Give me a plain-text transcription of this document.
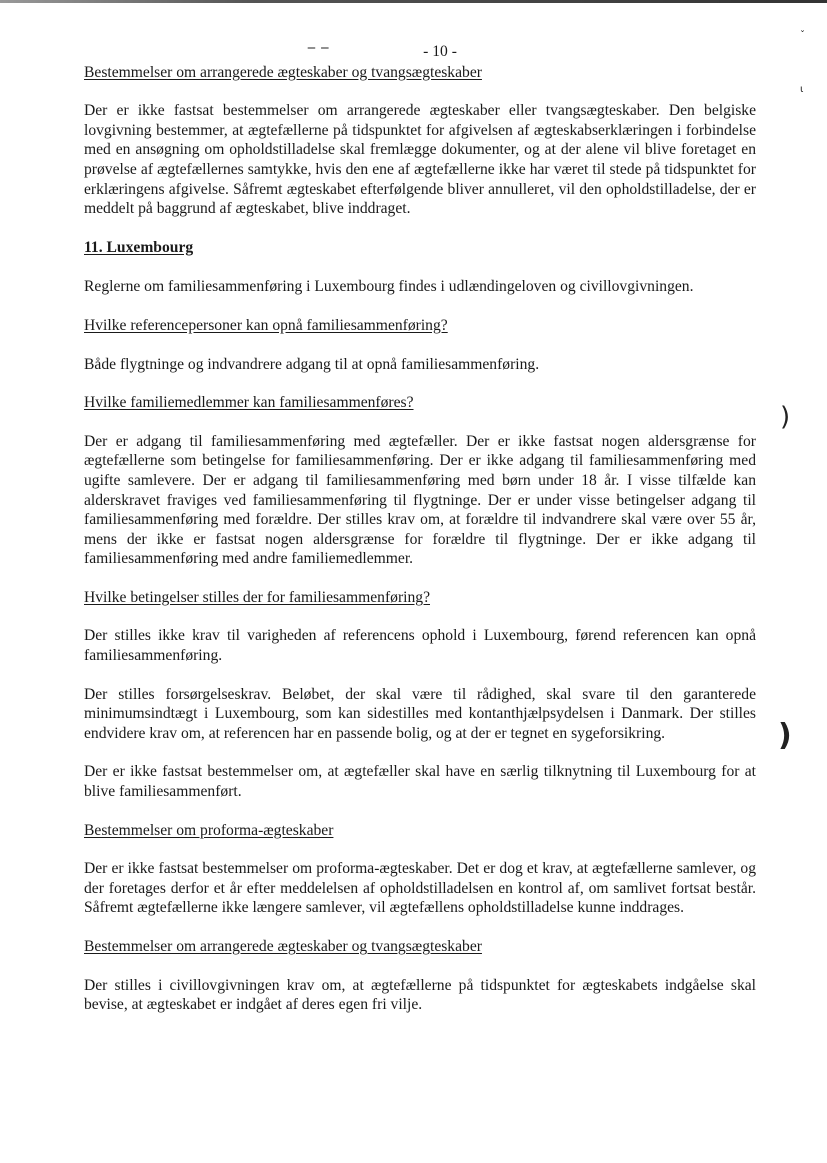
- 10 -

Bestemmelser om arrangerede ægteskaber og tvangsægteskaber

Der er ikke fastsat bestemmelser om arrangerede ægteskaber eller tvangsægteskaber. Den belgiske lovgivning bestemmer, at ægtefællerne på tidspunktet for afgivelsen af ægteskabserklæringen i forbindelse med en ansøgning om opholdstilladelse skal fremlægge dokumenter, og at der alene vil blive foretaget en prøvelse af ægtefællernes samtykke, hvis den ene af ægtefællerne ikke har været til stede på tidspunktet for erklæringens afgivelse. Såfremt ægteskabet efterfølgende bliver annulleret, vil den opholdstilladelse, der er meddelt på baggrund af ægteskabet, blive inddraget.

11. Luxembourg

Reglerne om familiesammenføring i Luxembourg findes i udlændingeloven og civillovgivningen.

Hvilke referencepersoner kan opnå familiesammenføring?

Både flygtninge og indvandrere adgang til at opnå familiesammenføring.

Hvilke familiemedlemmer kan familiesammenføres?

Der er adgang til familiesammenføring med ægtefæller. Der er ikke fastsat nogen aldersgrænse for ægtefællerne som betingelse for familiesammenføring. Der er ikke adgang til familiesammenføring med ugifte samlevere. Der er adgang til familiesammenføring med børn under 18 år. I visse tilfælde kan alderskravet fraviges ved familiesammenføring til flygtninge. Der er under visse betingelser adgang til familiesammenføring med forældre. Der stilles krav om, at forældre til indvandrere skal være over 55 år, mens der ikke er fastsat nogen aldersgrænse for forældre til flygtninge. Der er ikke adgang til familiesammenføring med andre familiemedlemmer.

Hvilke betingelser stilles der for familiesammenføring?

Der stilles ikke krav til varigheden af referencens ophold i Luxembourg, førend referencen kan opnå familiesammenføring.

Der stilles forsørgelseskrav. Beløbet, der skal være til rådighed, skal svare til den garanterede minimumsindtægt i Luxembourg, som kan sidestilles med kontanthjælpsydelsen i Danmark. Der stilles endvidere krav om, at referencen har en passende bolig, og at der er tegnet en sygeforsikring.

Der er ikke fastsat bestemmelser om, at ægtefæller skal have en særlig tilknytning til Luxembourg for at blive familiesammenført.

Bestemmelser om proforma-ægteskaber

Der er ikke fastsat bestemmelser om proforma-ægteskaber. Det er dog et krav, at ægtefællerne samlever, og der foretages derfor et år efter meddelelsen af opholdstilladelsen en kontrol af, om samlivet fortsat består. Såfremt ægtefællerne ikke længere samlever, vil ægtefællens opholdstilladelse kunne inddrages.

Bestemmelser om arrangerede ægteskaber og tvangsægteskaber

Der stilles i civillovgivningen krav om, at ægtefællerne på tidspunktet for ægteskabets indgåelse skal bevise, at ægteskabet er indgået af deres egen fri vilje.

‒ ‒
)
)
ι
ˇ
